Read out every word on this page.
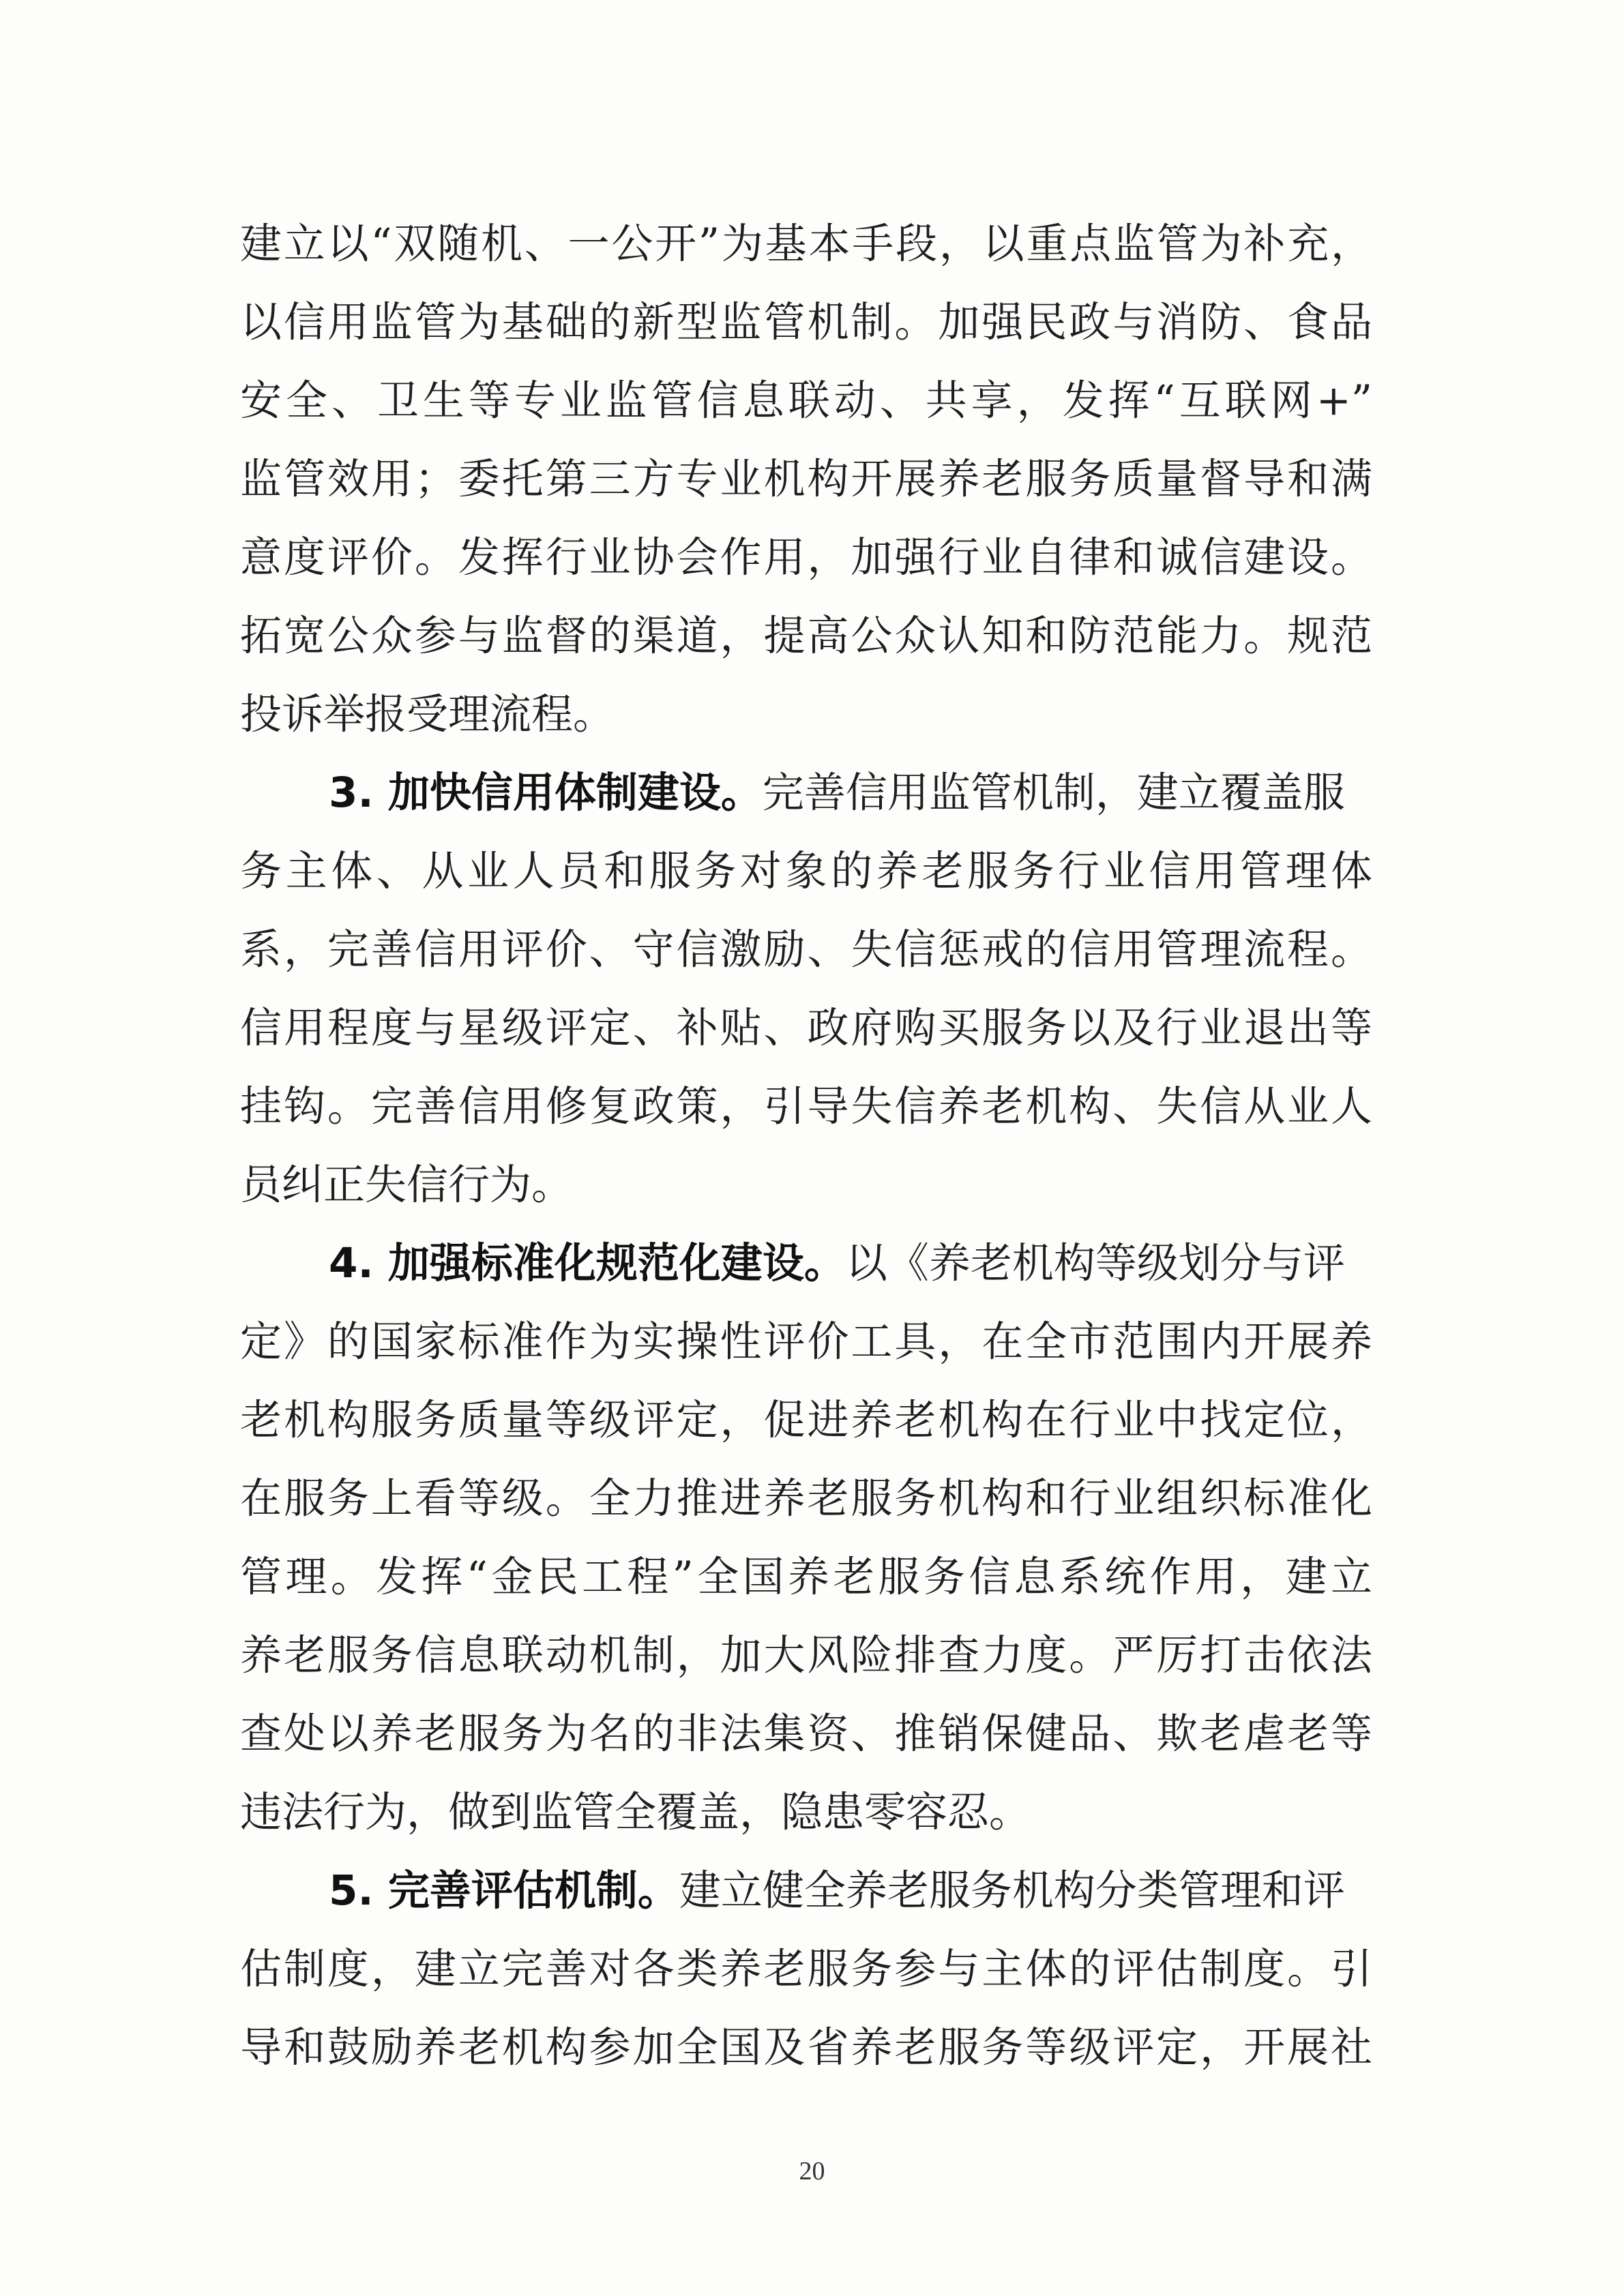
建立以“双随机、一公开”为基本手段，以重点监管为补充，
以信用监管为基础的新型监管机制。加强民政与消防、食品
安全、卫生等专业监管信息联动、共享，发挥“互联网+”
监管效用；委托第三方专业机构开展养老服务质量督导和满
意度评价。发挥行业协会作用，加强行业自律和诚信建设。
拓宽公众参与监督的渠道，提高公众认知和防范能力。规范
投诉举报受理流程。
3. 加快信用体制建设。完善信用监管机制，建立覆盖服
务主体、从业人员和服务对象的养老服务行业信用管理体
系，完善信用评价、守信激励、失信惩戒的信用管理流程。
信用程度与星级评定、补贴、政府购买服务以及行业退出等
挂钩。完善信用修复政策，引导失信养老机构、失信从业人
员纠正失信行为。
4. 加强标准化规范化建设。以《养老机构等级划分与评
定》的国家标准作为实操性评价工具，在全市范围内开展养
老机构服务质量等级评定，促进养老机构在行业中找定位，
在服务上看等级。全力推进养老服务机构和行业组织标准化
管理。发挥“金民工程”全国养老服务信息系统作用，建立
养老服务信息联动机制，加大风险排查力度。严厉打击依法
查处以养老服务为名的非法集资、推销保健品、欺老虐老等
违法行为，做到监管全覆盖，隐患零容忍。
5. 完善评估机制。建立健全养老服务机构分类管理和评
估制度，建立完善对各类养老服务参与主体的评估制度。引
导和鼓励养老机构参加全国及省养老服务等级评定，开展社
20
